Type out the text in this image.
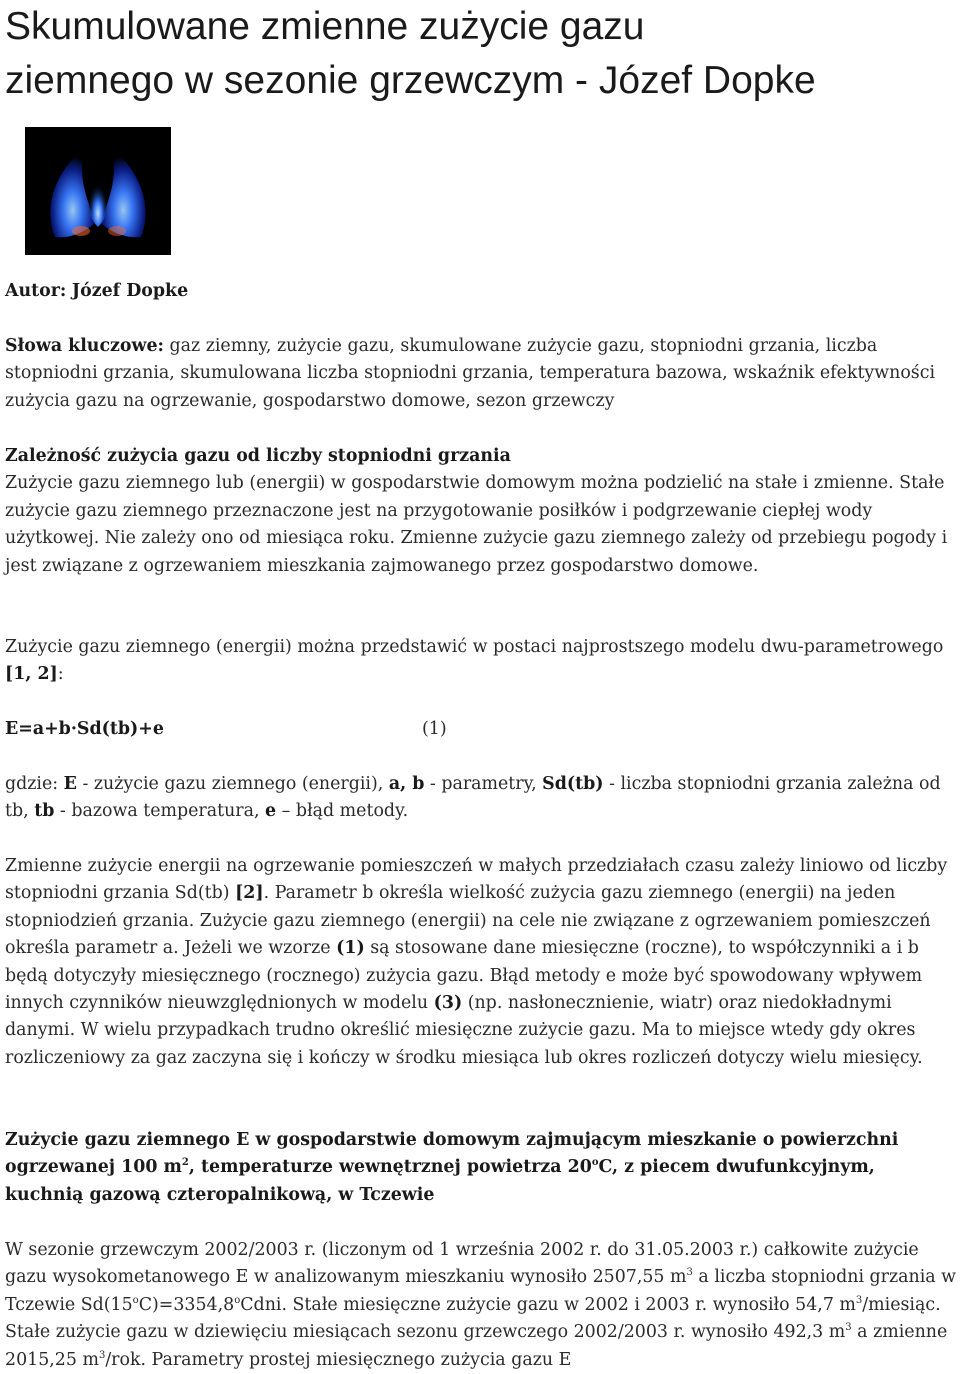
Skumulowane zmienne zużycie gazu
ziemnego w sezonie grzewczym - Józef Dopke
Autor: Józef Dopke
Słowa kluczowe: gaz ziemny, zużycie gazu, skumulowane zużycie gazu, stopniodni grzania, liczba stopniodni grzania, skumulowana liczba stopniodni grzania, temperatura bazowa, wskaźnik efektywności zużycia gazu na ogrzewanie, gospodarstwo domowe, sezon grzewczy
Zależność zużycia gazu od liczby stopniodni grzania

Zużycie gazu ziemnego lub (energii) w gospodarstwie domowym można podzielić na stałe i zmienne. Stałe zużycie gazu ziemnego przeznaczone jest na przygotowanie posiłków i podgrzewanie ciepłej wody użytkowej. Nie zależy ono od miesiąca roku. Zmienne zużycie gazu ziemnego zależy od przebiegu pogody i jest związane z ogrzewaniem mieszkania zajmowanego przez gospodarstwo domowe.

Zużycie gazu ziemnego (energii) można przedstawić w postaci najprostszego modelu dwu-parametrowego [1, 2]:
E=a+b·Sd(tb)+e	(1)
gdzie: E - zużycie gazu ziemnego (energii), a, b - parametry, Sd(tb) - liczba stopniodni grzania zależna od tb, tb - bazowa temperatura, e – błąd metody.
Zmienne zużycie energii na ogrzewanie pomieszczeń w małych przedziałach czasu zależy liniowo od liczby stopniodni grzania Sd(tb) [2]. Parametr b określa wielkość zużycia gazu ziemnego (energii) na jeden stopniodzień grzania. Zużycie gazu ziemnego (energii) na cele nie związane z ogrzewaniem pomieszczeń określa parametr a. Jeżeli we wzorze (1) są stosowane dane miesięczne (roczne), to współczynniki a i b będą dotyczyły miesięcznego (rocznego) zużycia gazu. Błąd metody e może być spowodowany wpływem innych czynników nieuwzględnionych w modelu (3) (np. nasłonecznienie, wiatr) oraz niedokładnymi danymi. W wielu przypadkach trudno określić miesięczne zużycie gazu. Ma to miejsce wtedy gdy okres rozliczeniowy za gaz zaczyna się i kończy w środku miesiąca lub okres rozliczeń dotyczy wielu miesięcy.
Zużycie gazu ziemnego E w gospodarstwie domowym zajmującym mieszkanie o powierzchni ogrzewanej 100 $m^2$, temperaturze wewnętrznej powietrza 20$^o$C, z piecem dwufunkcyjnym, kuchnią gazową czteropalnikową, w Tczewie
W sezonie grzewczym 2002/2003 r. (liczonym od 1 września 2002 r. do 31.05.2003 r.) całkowite zużycie gazu wysokometanowego E w analizowanym mieszkaniu wynosiło 2507,55 $m^3$ a liczba stopniodni grzania w Tczewie $Sd(15^oC)=3354,8^oCdni$. Stałe miesięczne zużycie gazu w 2002 i 2003 r. wynosiło 54,7 $m^3$/miesiąc. Stałe zużycie gazu w dziewięciu miesiącach sezonu grzewczego 2002/2003 r. wynosiło 492,3 $m^3$ a zmienne 2015,25 $m^3$/rok. Parametry prostej miesięcznego zużycia gazu E
